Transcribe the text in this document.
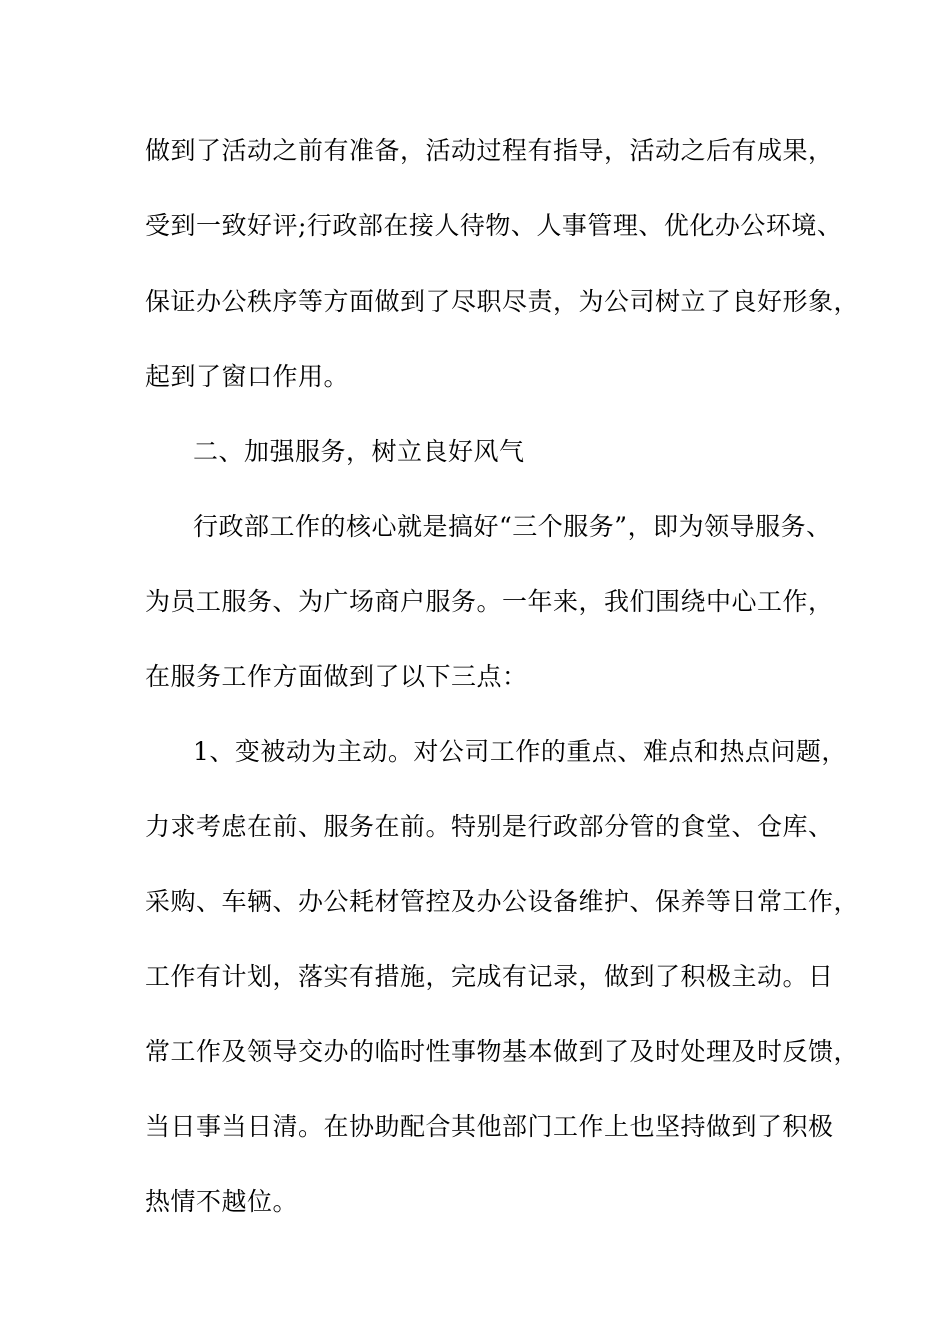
做到了活动之前有准备，活动过程有指导，活动之后有成果，
受到一致好评;行政部在接人待物、人事管理、优化办公环境、
保证办公秩序等方面做到了尽职尽责，为公司树立了良好形象，
起到了窗口作用。
二、加强服务，树立良好风气
行政部工作的核心就是搞好“三个服务”，即为领导服务、
为员工服务、为广场商户服务。一年来，我们围绕中心工作，
在服务工作方面做到了以下三点：
1、变被动为主动。对公司工作的重点、难点和热点问题，
力求考虑在前、服务在前。特别是行政部分管的食堂、仓库、
采购、车辆、办公耗材管控及办公设备维护、保养等日常工作，
工作有计划，落实有措施，完成有记录，做到了积极主动。日
常工作及领导交办的临时性事物基本做到了及时处理及时反馈，
当日事当日清。在协助配合其他部门工作上也坚持做到了积极
热情不越位。
